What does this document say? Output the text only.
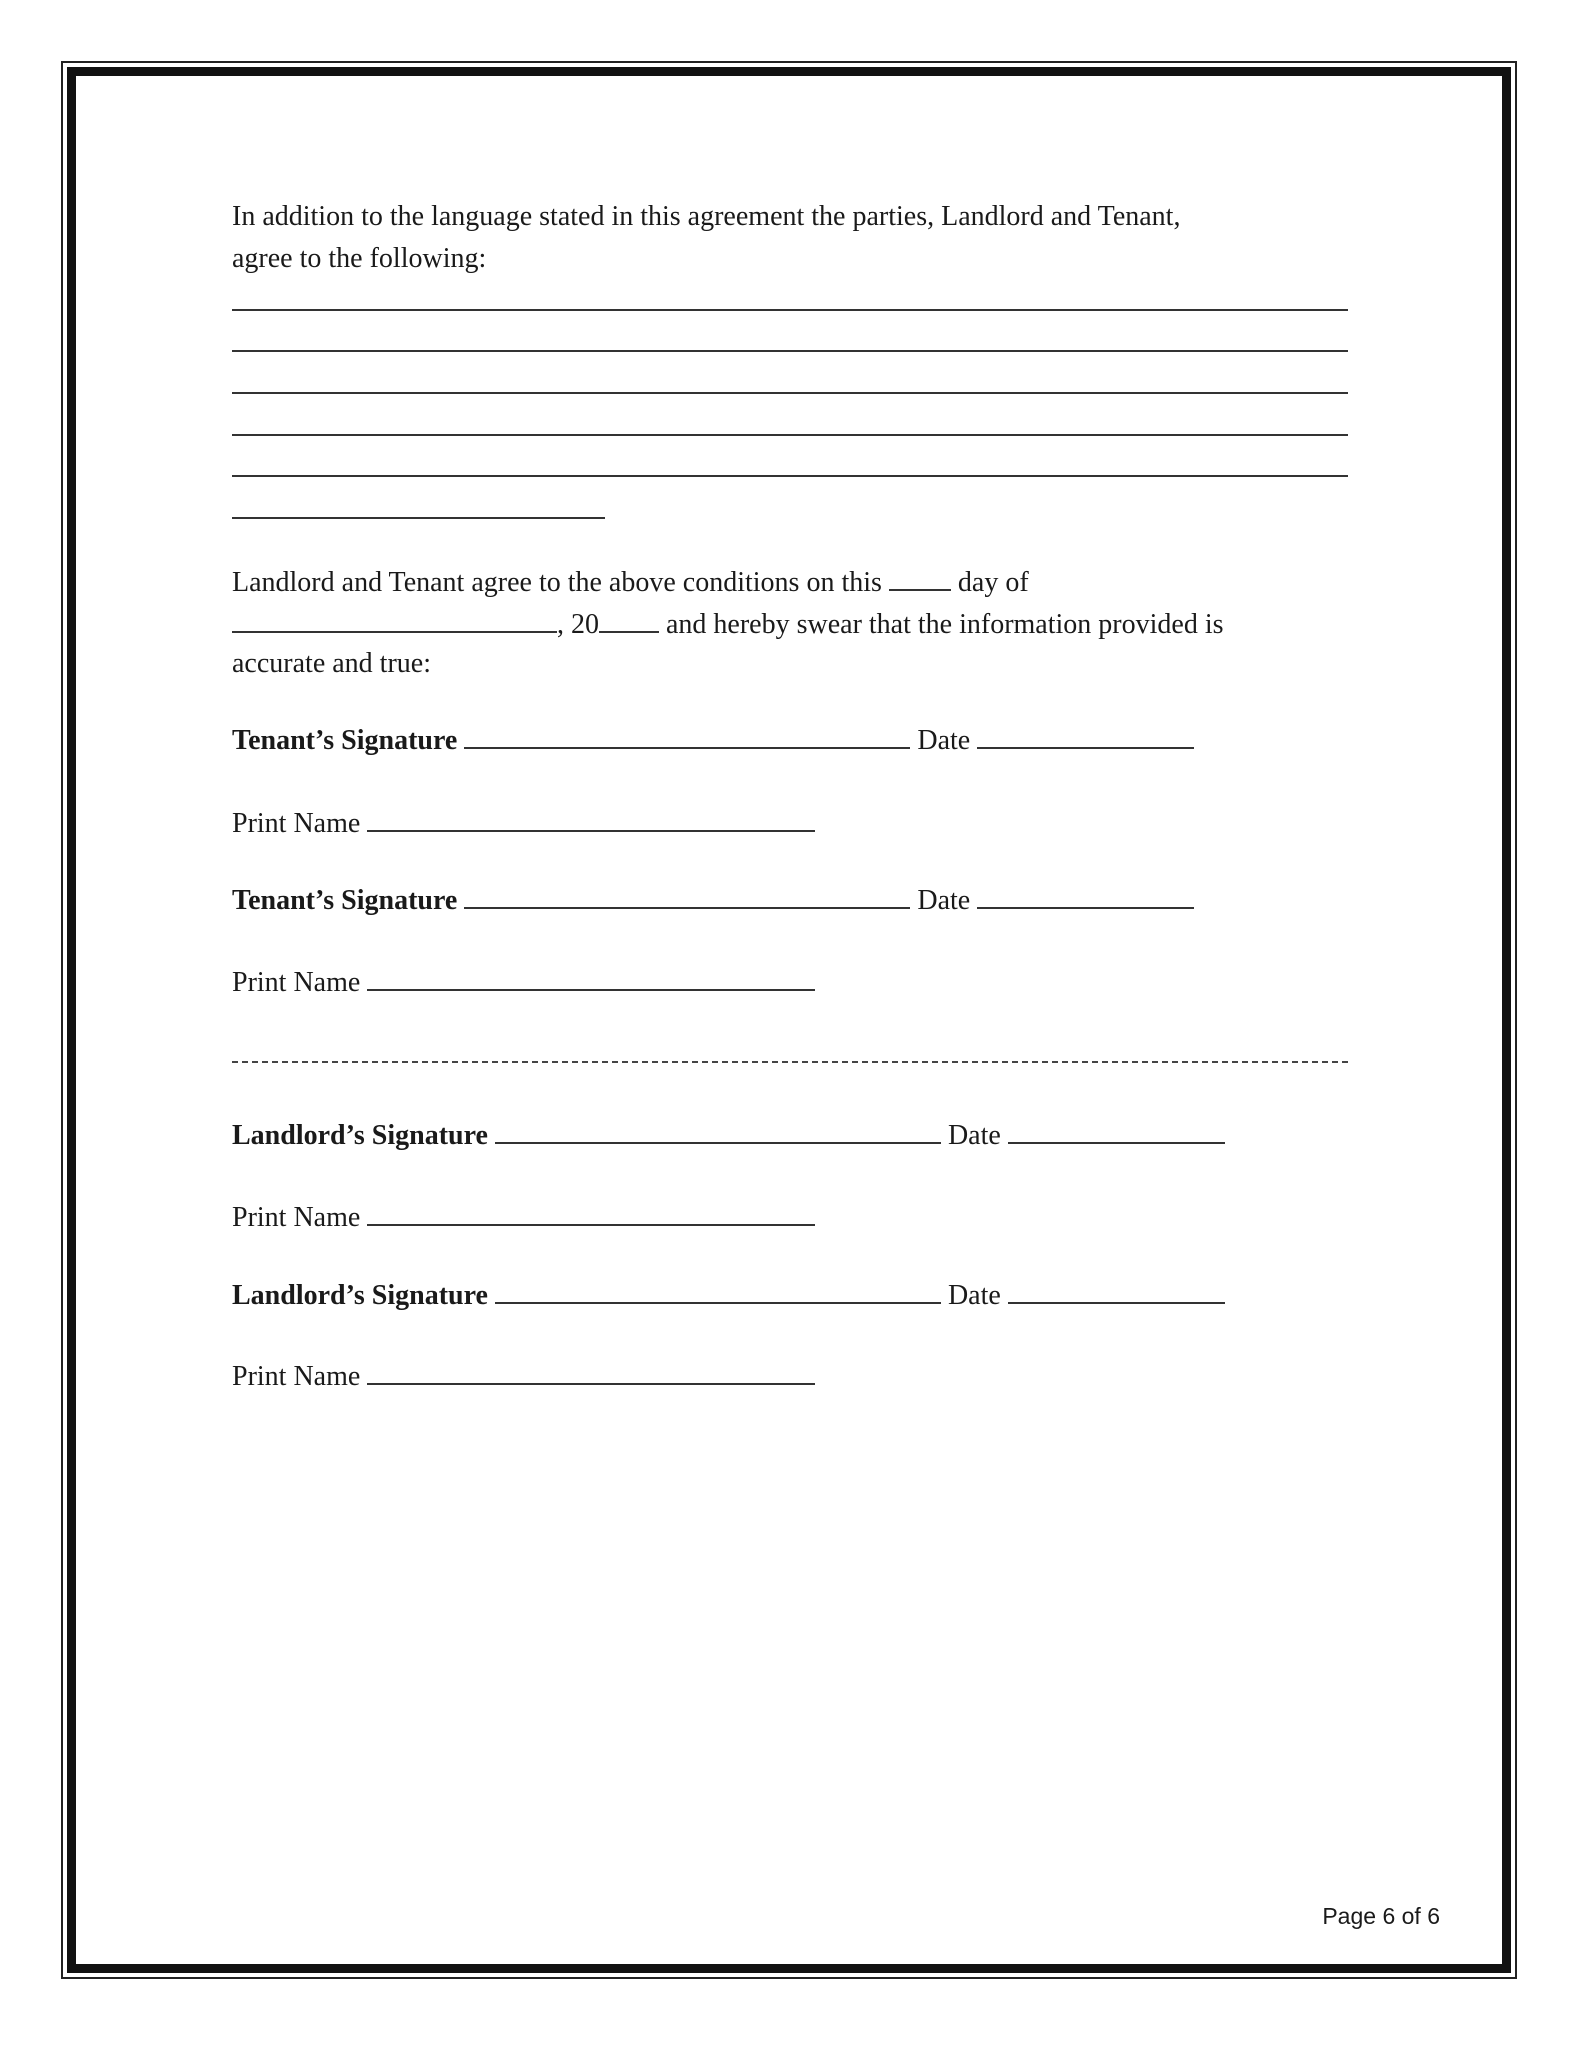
In addition to the language stated in this agreement the parties, Landlord and Tenant,
agree to the following:
Landlord and Tenant agree to the above conditions on this	day of
, 20 and hereby swear that the information provided is
accurate and true:
Tenant’s Signature	Date
Print Name
Tenant’s Signature	Date
Print Name
Landlord’s Signature	Date
Print Name
Landlord’s Signature	Date
Print Name
Page 6 of 6
